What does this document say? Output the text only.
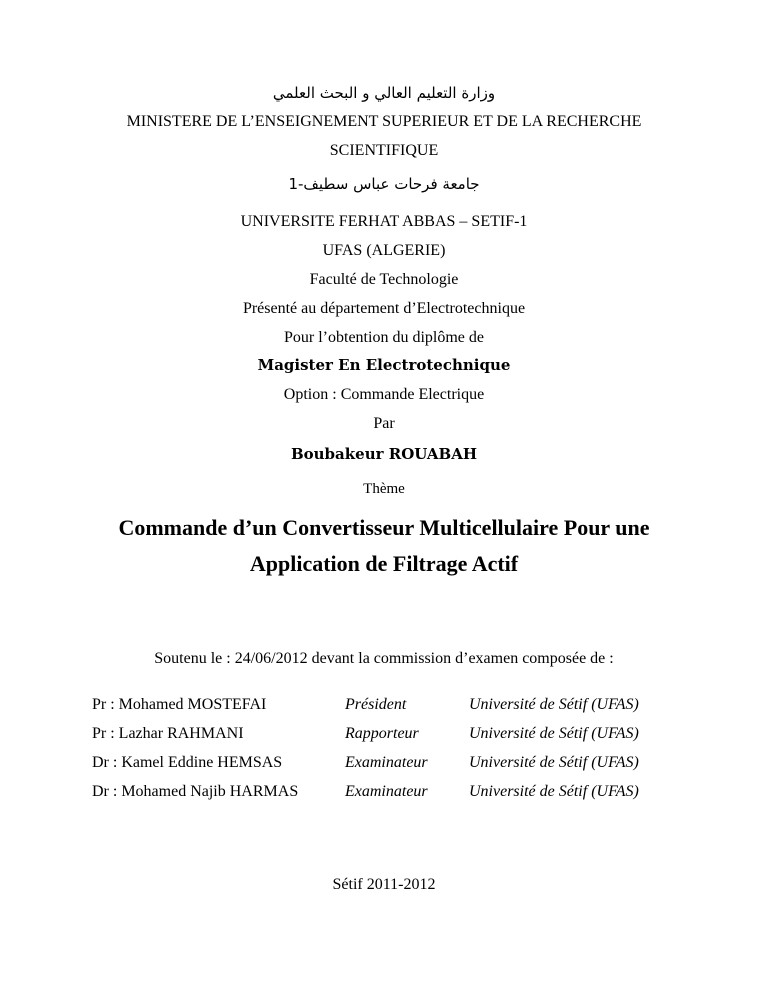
وزارة التعليم العالي و البحث العلمي
MINISTERE DE L’ENSEIGNEMENT SUPERIEUR ET DE LA RECHERCHE
SCIENTIFIQUE
جامعة فرحات عباس سطيف-1
UNIVERSITE FERHAT ABBAS – SETIF-1
UFAS (ALGERIE)
Faculté de Technologie
Présenté au département d’Electrotechnique
Pour l’obtention du diplôme de
Magister En Electrotechnique
Option : Commande Electrique
Par
Boubakeur ROUABAH
Thème
Commande d’un Convertisseur Multicellulaire Pour une
Application de Filtrage Actif
Soutenu le : 24/06/2012 devant la commission d’examen composée de :
Pr : Mohamed MOSTEFAI	Président	Université de Sétif (UFAS)
Pr : Lazhar RAHMANI	Rapporteur	Université de Sétif (UFAS)
Dr : Kamel Eddine HEMSAS	Examinateur	Université de Sétif (UFAS)
Dr : Mohamed Najib HARMAS	Examinateur	Université de Sétif (UFAS)
Sétif 2011-2012
